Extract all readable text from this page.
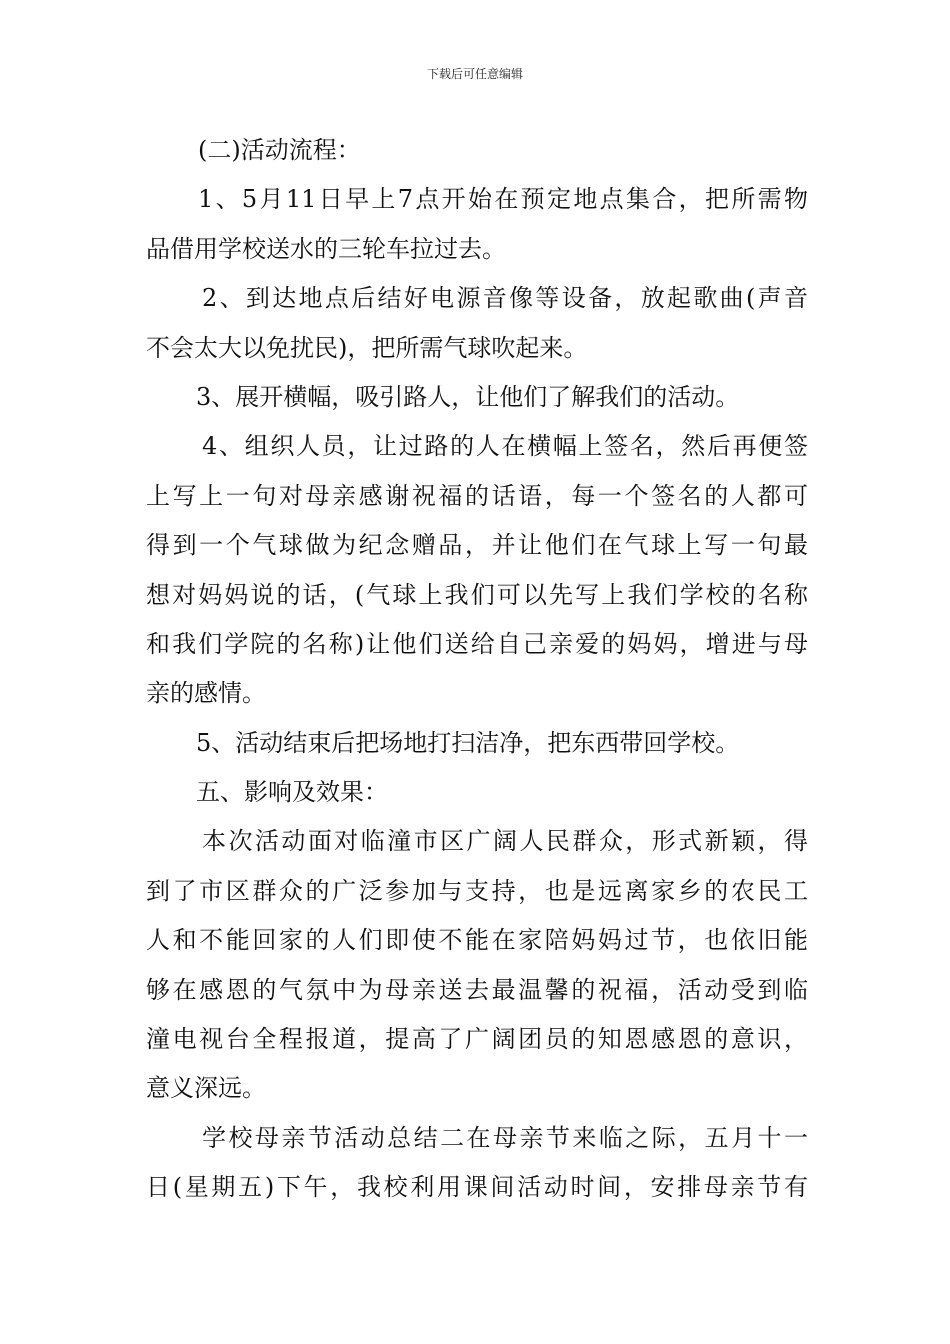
下载后可任意编辑
(二)活动流程：
1、5月11日早上7点开始在预定地点集合，把所需物
品借用学校送水的三轮车拉过去。
2、到达地点后结好电源音像等设备，放起歌曲(声音
不会太大以免扰民)，把所需气球吹起来。
3、展开横幅，吸引路人，让他们了解我们的活动。
4、组织人员，让过路的人在横幅上签名，然后再便签
上写上一句对母亲感谢祝福的话语，每一个签名的人都可
得到一个气球做为纪念赠品，并让他们在气球上写一句最
想对妈妈说的话，(气球上我们可以先写上我们学校的名称
和我们学院的名称)让他们送给自己亲爱的妈妈，增进与母
亲的感情。
5、活动结束后把场地打扫洁净，把东西带回学校。
五、影响及效果：
本次活动面对临潼市区广阔人民群众，形式新颖，得
到了市区群众的广泛参加与支持，也是远离家乡的农民工
人和不能回家的人们即使不能在家陪妈妈过节，也依旧能
够在感恩的气氛中为母亲送去最温馨的祝福，活动受到临
潼电视台全程报道，提高了广阔团员的知恩感恩的意识，
意义深远。
学校母亲节活动总结二在母亲节来临之际，五月十一
日(星期五)下午，我校利用课间活动时间，安排母亲节有
